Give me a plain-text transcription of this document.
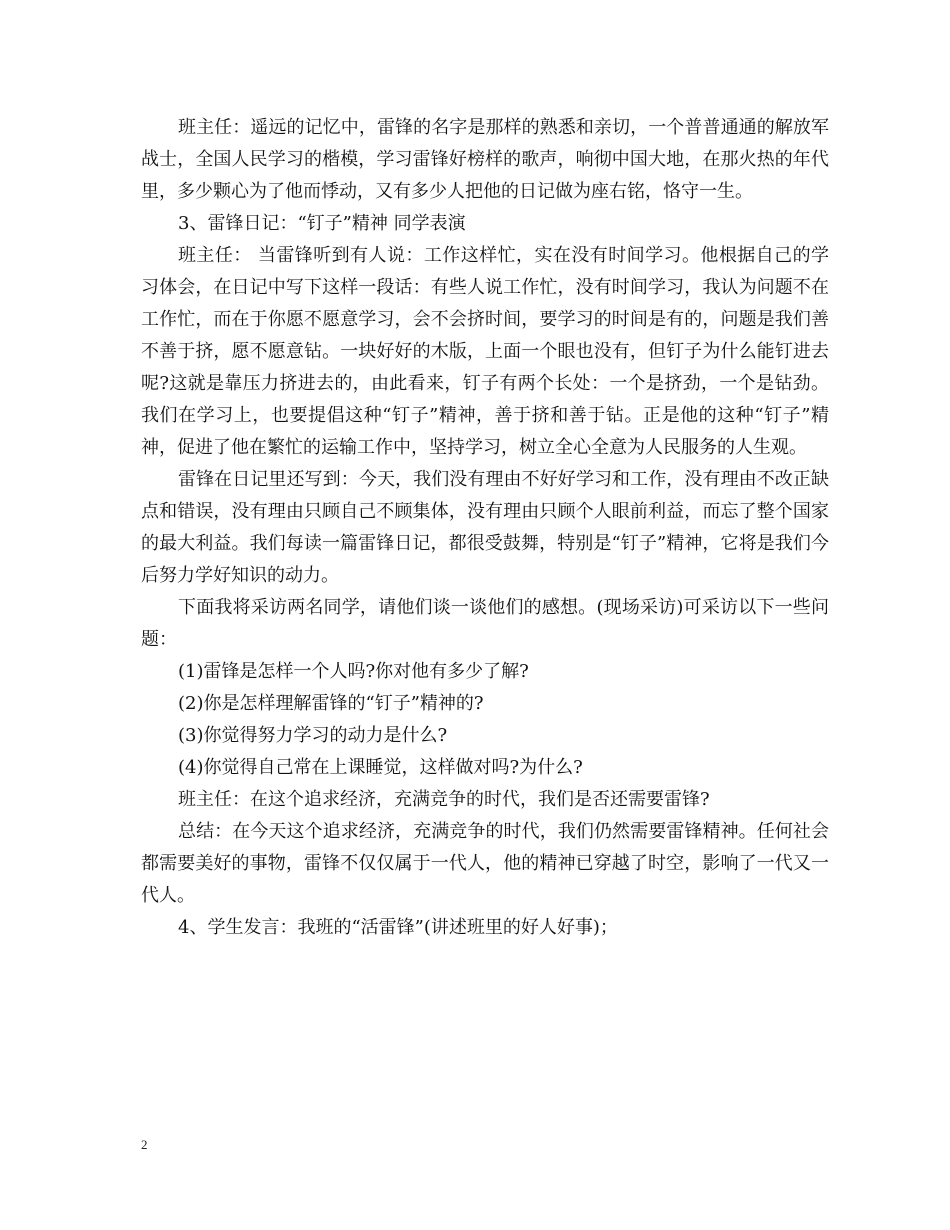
班主任：遥远的记忆中，雷锋的名字是那样的熟悉和亲切，一个普普通通的解放军战士，全国人民学习的楷模，学习雷锋好榜样的歌声，响彻中国大地，在那火热的年代里，多少颗心为了他而悸动，又有多少人把他的日记做为座右铭，恪守一生。

3、雷锋日记：“钉子”精神 同学表演

班主任： 当雷锋听到有人说：工作这样忙，实在没有时间学习。他根据自己的学习体会，在日记中写下这样一段话：有些人说工作忙，没有时间学习，我认为问题不在工作忙，而在于你愿不愿意学习，会不会挤时间，要学习的时间是有的，问题是我们善不善于挤，愿不愿意钻。一块好好的木版，上面一个眼也没有，但钉子为什么能钉进去呢?这就是靠压力挤进去的，由此看来，钉子有两个长处：一个是挤劲，一个是钻劲。我们在学习上，也要提倡这种“钉子”精神，善于挤和善于钻。正是他的这种“钉子”精神，促进了他在繁忙的运输工作中，坚持学习，树立全心全意为人民服务的人生观。

雷锋在日记里还写到：今天，我们没有理由不好好学习和工作，没有理由不改正缺点和错误，没有理由只顾自己不顾集体，没有理由只顾个人眼前利益，而忘了整个国家的最大利益。我们每读一篇雷锋日记，都很受鼓舞，特别是“钉子”精神，它将是我们今后努力学好知识的动力。

下面我将采访两名同学，请他们谈一谈他们的感想。(现场采访)可采访以下一些问题：

(1)雷锋是怎样一个人吗?你对他有多少了解?

(2)你是怎样理解雷锋的“钉子”精神的?

(3)你觉得努力学习的动力是什么?

(4)你觉得自己常在上课睡觉，这样做对吗?为什么?

班主任：在这个追求经济，充满竞争的时代，我们是否还需要雷锋?

总结：在今天这个追求经济，充满竞争的时代，我们仍然需要雷锋精神。任何社会都需要美好的事物，雷锋不仅仅属于一代人，他的精神已穿越了时空，影响了一代又一代人。

4、学生发言：我班的“活雷锋”(讲述班里的好人好事)；

2
